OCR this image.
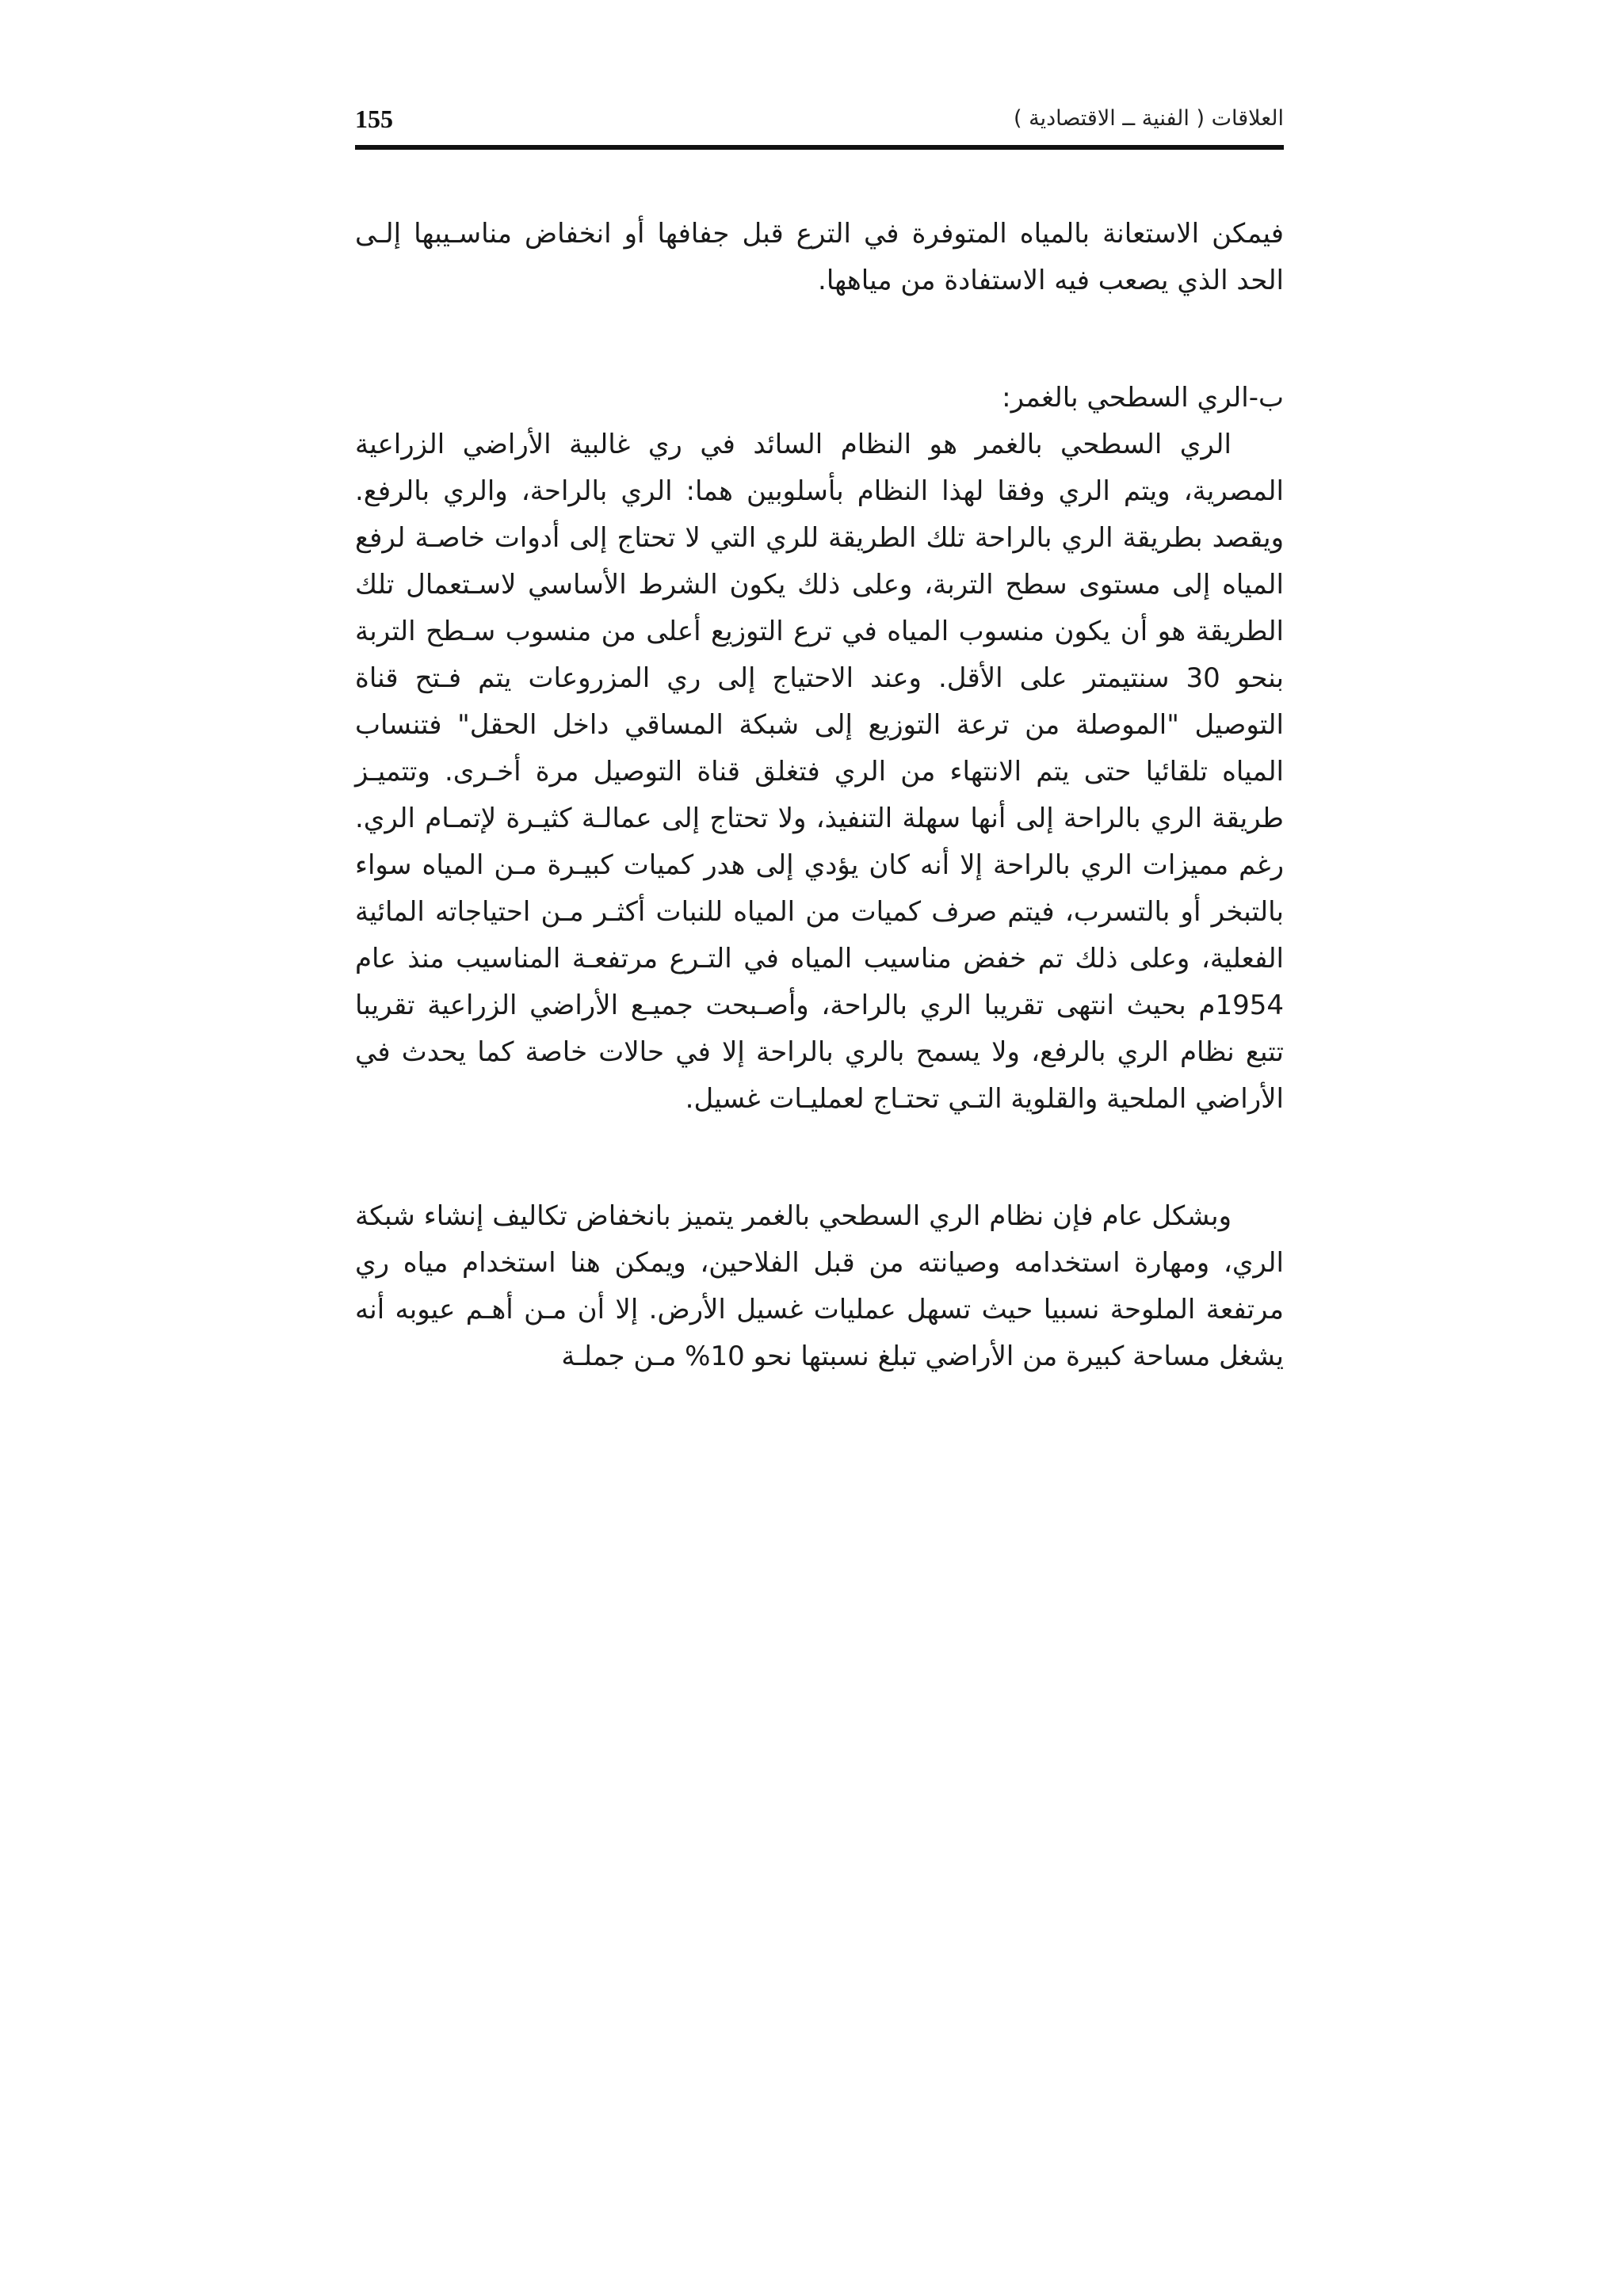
العلاقات ( الفنية ــ الاقتصادية )
155

فيمكن الاستعانة بالمياه المتوفرة في الترع قبل جفافها أو انخفاض مناسـيبها إلـى الحد الذي يصعب فيه الاستفادة من مياهها.

ب-الري السطحي بالغمر:

الري السطحي بالغمر هو النظام السائد في ري غالبية الأراضي الزراعية المصرية، ويتم الري وفقا لهذا النظام بأسلوبين هما: الري بالراحة، والري بالرفع. ويقصد بطريقة الري بالراحة تلك الطريقة للري التي لا تحتاج إلى أدوات خاصـة لرفع المياه إلى مستوى سطح التربة، وعلى ذلك يكون الشرط الأساسي لاسـتعمال تلك الطريقة هو أن يكون منسوب المياه في ترع التوزيع أعلى من منسوب سـطح التربة بنحو 30 سنتيمتر على الأقل. وعند الاحتياج إلى ري المزروعات يتم فـتح قناة التوصيل "الموصلة من ترعة التوزيع إلى شبكة المساقي داخل الحقل" فتنساب المياه تلقائيا حتى يتم الانتهاء من الري فتغلق قناة التوصيل مرة أخـرى. وتتميـز طريقة الري بالراحة إلى أنها سهلة التنفيذ، ولا تحتاج إلى عمالـة كثيـرة لإتمـام الري. رغم مميزات الري بالراحة إلا أنه كان يؤدي إلى هدر كميات كبيـرة مـن المياه سواء بالتبخر أو بالتسرب، فيتم صرف كميات من المياه للنبات أكثـر مـن احتياجاته المائية الفعلية، وعلى ذلك تم خفض مناسيب المياه في التـرع مرتفعـة المناسيب منذ عام 1954م بحيث انتهى تقريبا الري بالراحة، وأصـبحت جميـع الأراضي الزراعية تقريبا تتبع نظام الري بالرفع، ولا يسمح بالري بالراحة إلا في حالات خاصة كما يحدث في الأراضي الملحية والقلوية التـي تحتـاج لعمليـات غسيل.

وبشكل عام فإن نظام الري السطحي بالغمر يتميز بانخفاض تكاليف إنشاء شبكة الري، ومهارة استخدامه وصيانته من قبل الفلاحين، ويمكن هنا استخدام مياه ري مرتفعة الملوحة نسبيا حيث تسهل عمليات غسيل الأرض. إلا أن مـن أهـم عيوبه أنه يشغل مساحة كبيرة من الأراضي تبلغ نسبتها نحو 10% مـن جملـة
